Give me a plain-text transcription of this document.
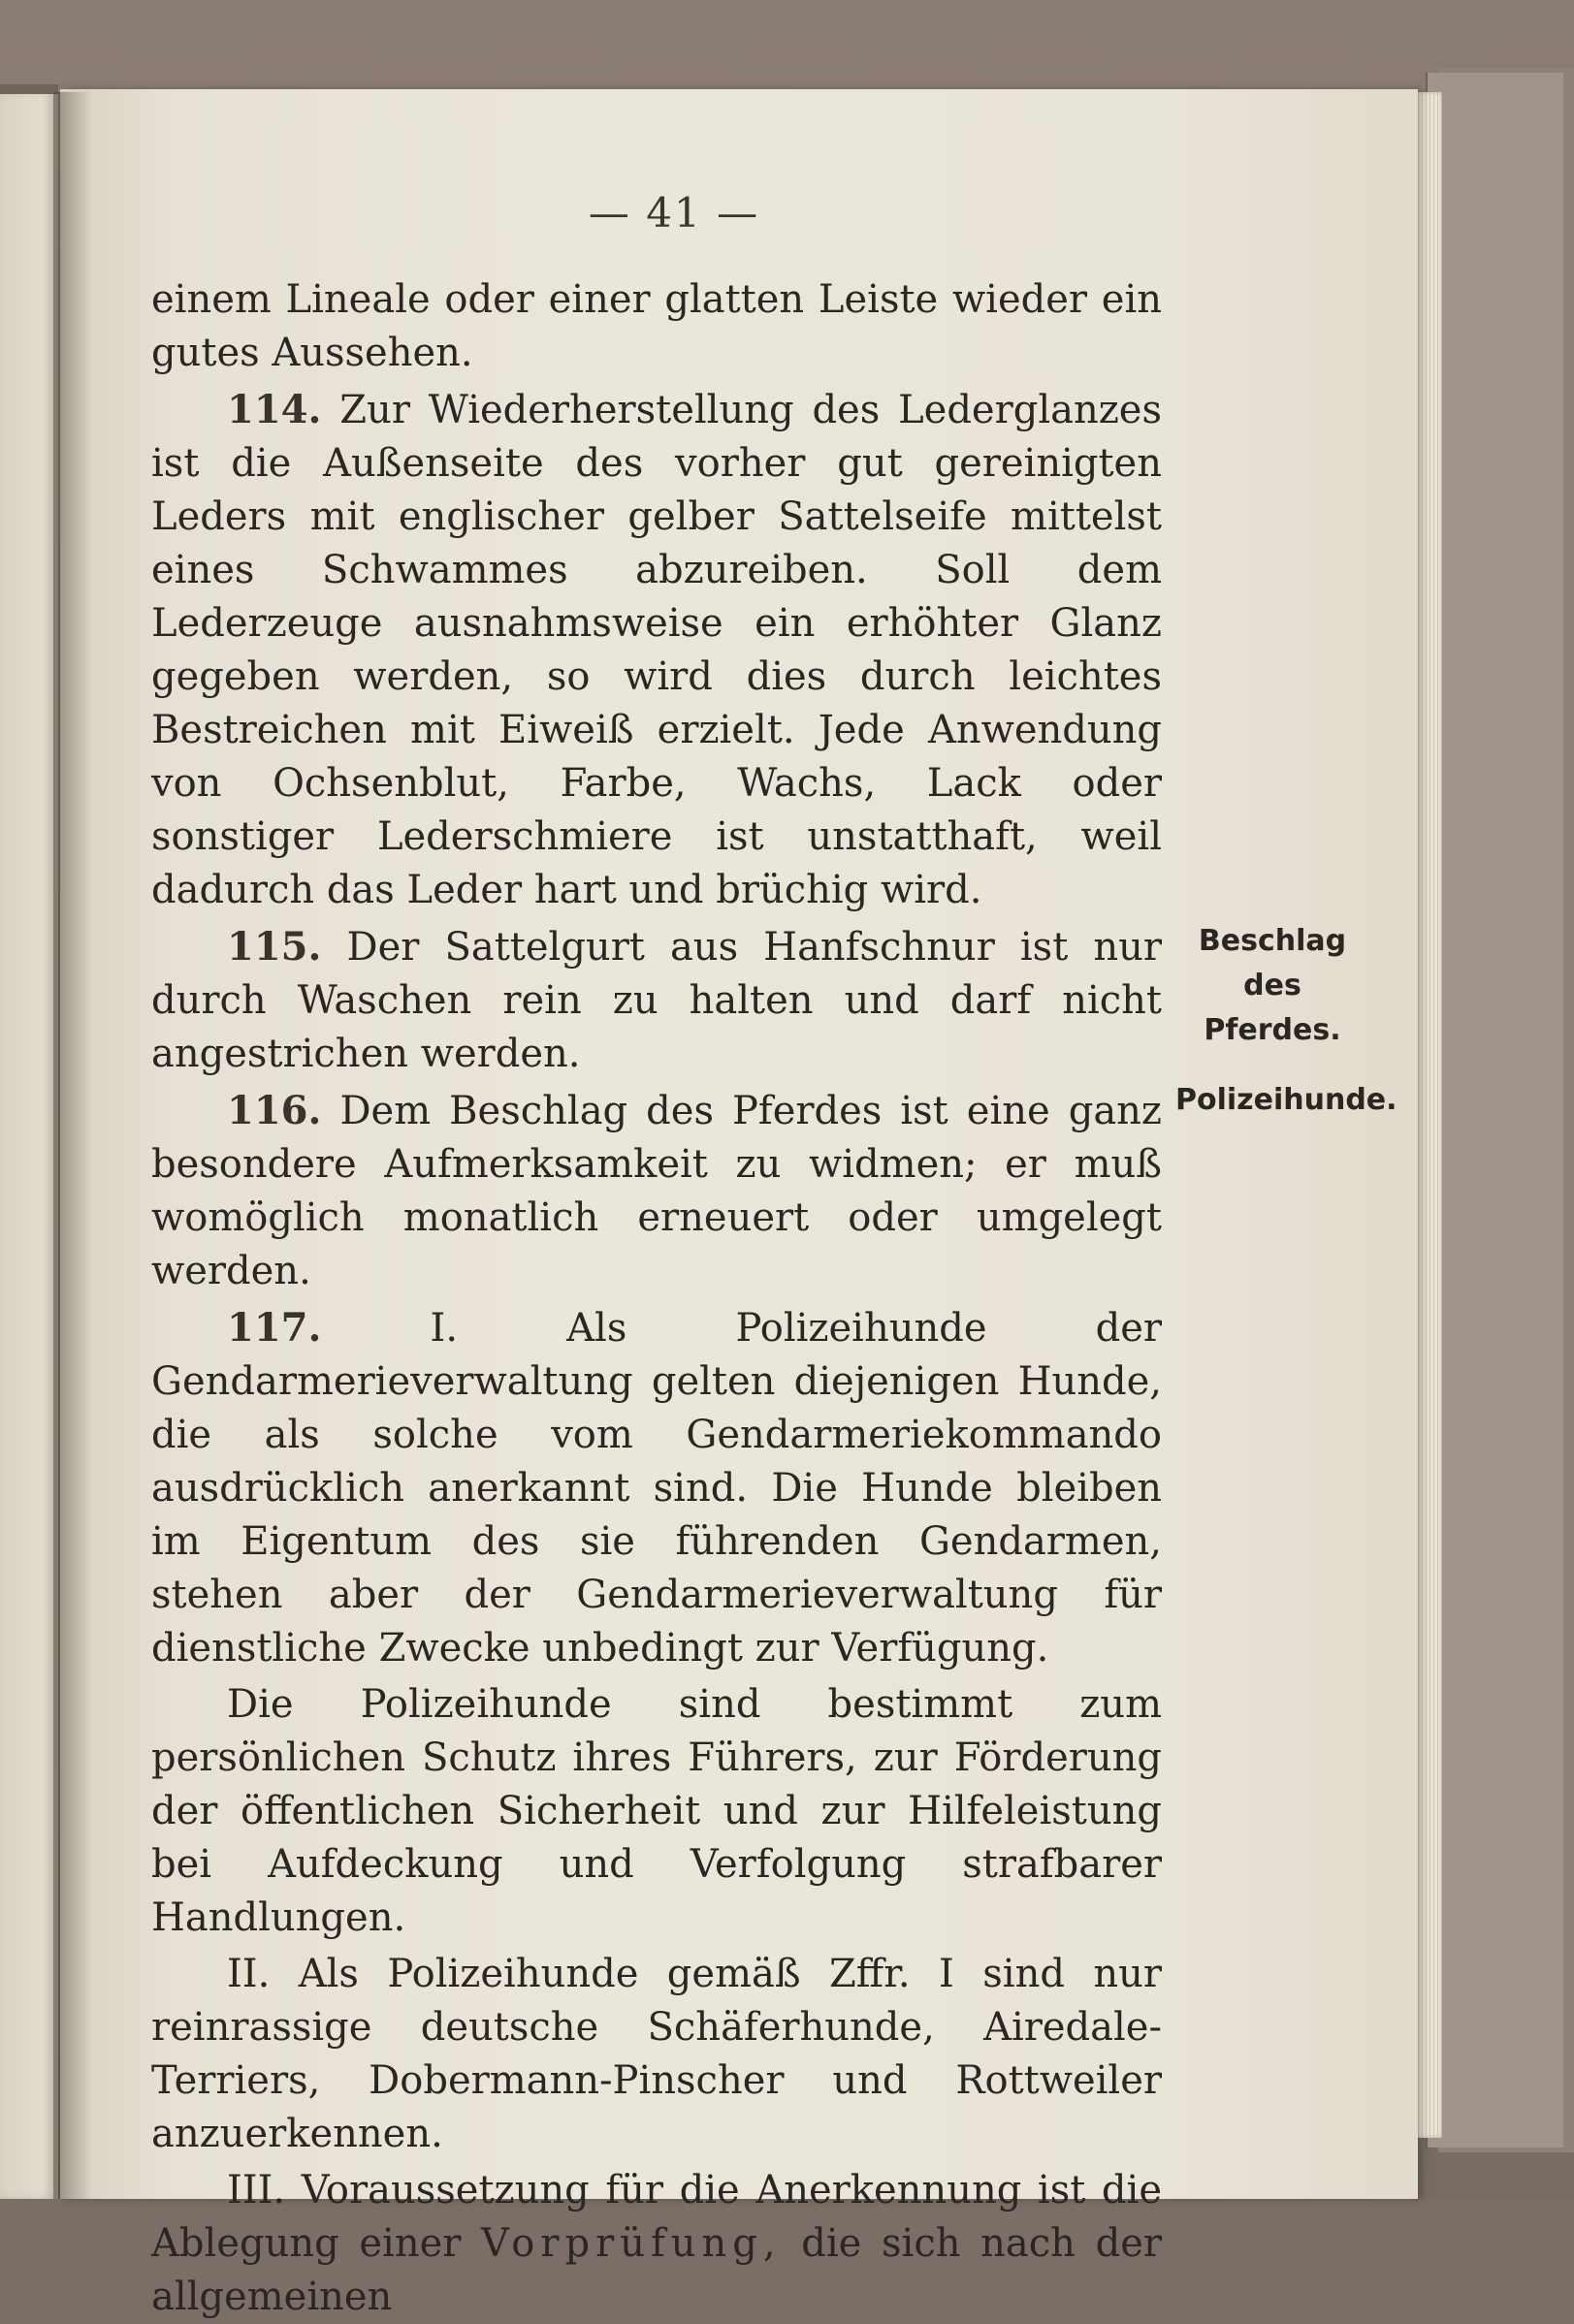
— 41 —

einem Lineale oder einer glatten Leiste wieder ein gutes Aussehen.

114. Zur Wiederherstellung des Lederglanzes ist die Außenseite des vorher gut gereinigten Leders mit englischer gelber Sattelseife mittelst eines Schwammes abzureiben. Soll dem Lederzeuge ausnahmsweise ein erhöhter Glanz gegeben werden, so wird dies durch leichtes Bestreichen mit Eiweiß erzielt. Jede Anwendung von Ochsenblut, Farbe, Wachs, Lack oder sonstiger Lederschmiere ist unstatthaft, weil dadurch das Leder hart und brüchig wird.

115. Der Sattelgurt aus Hanfschnur ist nur durch Waschen rein zu halten und darf nicht angestrichen werden.

116. Dem Beschlag des Pferdes ist eine ganz besondere Aufmerksamkeit zu widmen; er muß womöglich monatlich erneuert oder umgelegt werden.

117.	I. Als Polizeihunde der Gendarmerieverwaltung gelten diejenigen Hunde, die als solche vom Gendarmeriekommando ausdrücklich anerkannt sind. Die Hunde bleiben im Eigentum des sie führenden Gendarmen, stehen aber der Gendarmerieverwaltung für dienstliche Zwecke unbedingt zur Verfügung.

Die Polizeihunde sind bestimmt zum persönlichen Schutz ihres Führers, zur Förderung der öffentlichen Sicherheit und zur Hilfeleistung bei Aufdeckung und Verfolgung strafbarer Handlungen.

II. Als Polizeihunde gemäß Zffr. I sind nur reinrassige deutsche Schäferhunde, Airedale-Terriers, Dobermann-Pinscher und Rottweiler anzuerkennen.

III. Voraussetzung für die Anerkennung ist die Ablegung einer Vorprüfung, die sich nach der allgemeinen

Beschlag des
Pferdes.
Polizeihunde.
